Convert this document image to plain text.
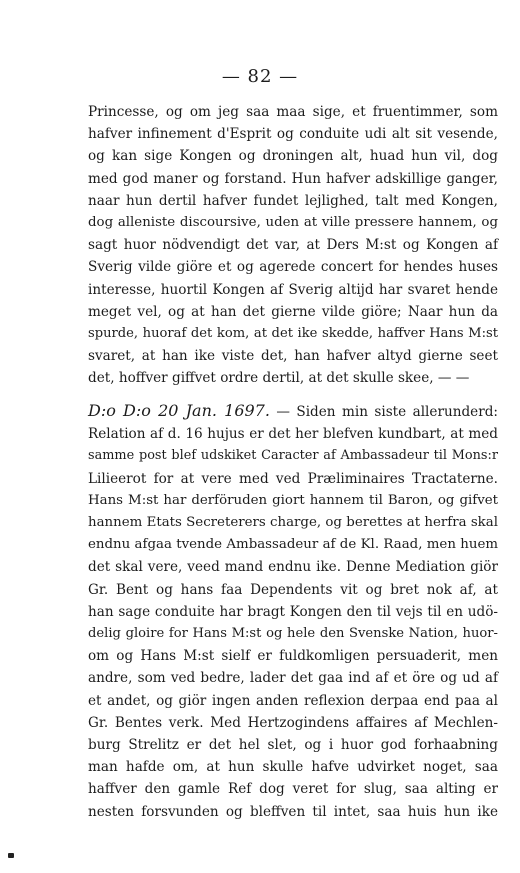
— 82 —
Princesse, og om jeg saa maa sige, et fruentimmer, som
hafver infinement d'Esprit og conduite udi alt sit vesende,
og kan sige Kongen og droningen alt, huad hun vil, dog
med god maner og forstand. Hun hafver adskillige ganger,
naar hun dertil hafver fundet lejlighed, talt med Kongen,
dog alleniste discoursive, uden at ville pressere hannem, og
sagt huor nödvendigt det var, at Ders M:st og Kongen af
Sverig vilde giöre et og agerede concert for hendes huses
interesse, huortil Kongen af Sverig altijd har svaret hende
meget vel, og at han det gierne vilde giöre; Naar hun da
spurde, huoraf det kom, at det ike skedde, haffver Hans M:st
svaret, at han ike viste det, han hafver altyd gierne seet
det, hoffver giffvet ordre dertil, at det skulle skee, — —
D:o D:o 20 Jan. 1697. — Siden min siste allerunderd:
Relation af d. 16 hujus er det her blefven kundbart, at med
samme post blef udskiket Caracter af Ambassadeur til Mons:r
Lilieerot for at vere med ved Præliminaires Tractaterne.
Hans M:st har derföruden giort hannem til Baron, og gifvet
hannem Etats Secreterers charge, og berettes at herfra skal
endnu afgaa tvende Ambassadeur af de Kl. Raad, men huem
det skal vere, veed mand endnu ike. Denne Mediation giör
Gr. Bent og hans faa Dependents vit og bret nok af, at
han sage conduite har bragt Kongen den til vejs til en udö-
delig gloire for Hans M:st og hele den Svenske Nation, huor-
om og Hans M:st sielf er fuldkomligen persuaderit, men
andre, som ved bedre, lader det gaa ind af et öre og ud af
et andet, og giör ingen anden reflexion derpaa end paa al
Gr. Bentes verk. Med Hertzogindens affaires af Mechlen-
burg Strelitz er det hel slet, og i huor god forhaabning
man hafde om, at hun skulle hafve udvirket noget, saa
haffver den gamle Ref dog veret for slug, saa alting er
nesten forsvunden og bleffven til intet, saa huis hun ike
